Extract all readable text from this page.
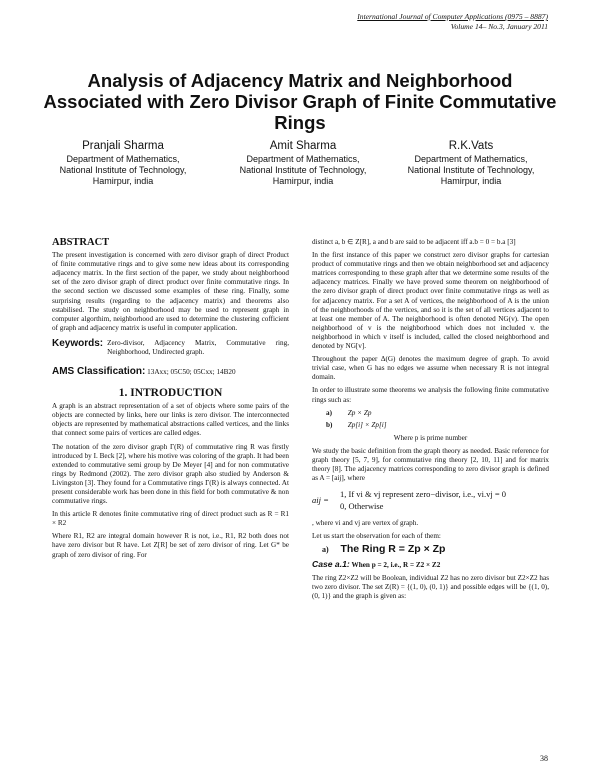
International Journal of Computer Applications (0975 – 8887)
Volume 14– No.3, January 2011
Analysis of Adjacency Matrix and Neighborhood Associated with Zero Divisor Graph of Finite Commutative Rings
Pranjali Sharma
Department of Mathematics,
National Institute of Technology,
Hamirpur, india
Amit Sharma
Department of Mathematics,
National Institute of Technology,
Hamirpur, india
R.K.Vats
Department of Mathematics,
National Institute of Technology,
Hamirpur, india
ABSTRACT

The present investigation is concerned with zero divisor graph of direct Product of finite commutative rings and to give some new ideas about its corresponding adjacency matrix. In the first section of the paper, we study about neighborhood set of the zero divisor graph of direct product over finite commutative rings. In the second section we discussed some examples of these ring. Finally, some surprising results (regarding to the adjacency matrix) and theorems also estabilised. The study on neighborhood may be used to represent graph in computer algorthim, neighborhood are used to determine the clustering cofficient of graph and adjacency matrix is useful in computer application.

Keywords: Zero-divisor, Adjacency Matrix, Commutative ring, Neighborhood, Undirected graph.
AMS Classification: 13Axx; 05C50; 05Cxx; 14B20
1. INTRODUCTION

A graph is an abstract representation of a set of objects where some pairs of the objects are connected by links, here our links is zero divisor. The interconnected objects are represented by mathematical abstractions called vertices, and the links that connect some pairs of vertices are called edges.

The notation of the zero divisor graph Γ(R) of commutative ring R was firstly introduced by I. Beck [2], where his motive was coloring of the graph. It had been extended to commutative semi group by De Meyer [4] and for non commutative rings by Redmond (2002). The zero divisor graph also studied by Anderson & Livingston [3]. They found for a Commutative rings Γ(R) is always connected. At present considerable work has been done in this field for both commutative & non commutative rings.

In this article R denotes finite commutative ring of direct product such as R = R1 × R2

Where R1, R2 are integral domain however R is not, i.e., R1, R2 both does not have zero divisor but R have. Let Z[R] be set of zero divisor of ring. Let G* be graph of zero divisor of ring. For

distinct a, b ∈ Z[R], a and b are said to be adjacent iff a.b = 0 = b.a [3]

In the first instance of this paper we construct zero divisor graphs for cartesian product of commutative rings and then we obtain neighborhood set and adjacency matrices corresponding to these graph after that we determine some results of the adjacency matrices. Finally we have proved some theorem on neighborhood of the zero divisor graph of direct product over finite commutative rings as well as for adjacency matrix. For a set A of vertices, the neighborhood of A is the union of the neighborhoods of the vertices, and so it is the set of all vertices adjacent to at least one member of A. The neighborhood is often denoted NG(v). The open neighborhood of v is the neighborhood which does not included v. the neighborhood in which v itself is included, called the closed neighborhood and denoted by NG[v].

Throughout the paper Δ(G) denotes the maximum degree of graph. To avoid trivial case, when G has no edges we assume when necessary R is not integral domain.

In order to illustrate some theorems we analysis the following finite commutative rings such as:

a) Zp × Zp
b) Zp[i] × Zp[i]

Where p is prime number

We study the basic definition from the graph theory as needed. Basic reference for graph theory [5, 7, 9], for commutative ring theory [2, 10, 11] and for matrix theory [8]. The adjacency matrices corresponding to zero divisor graph is defined as A = [aij], where

aij =
1, If vi & vj represent zero−divisor, i.e., vi.vj = 0
0, Otherwise

, where vi and vj are vertex of graph.

Let us start the observation for each of them:

a) The Ring R = Zp × Zp

Case a.1: When p = 2, i.e., R = Z2 × Z2

The ring Z2×Z2 will be Boolean, individual Z2 has no zero divisor but Z2×Z2 has two zero divisor. The set Z(R) = {(1, 0), (0, 1)} and possible edges will be {(1, 0),(0, 1)} and the graph is given as:

38
